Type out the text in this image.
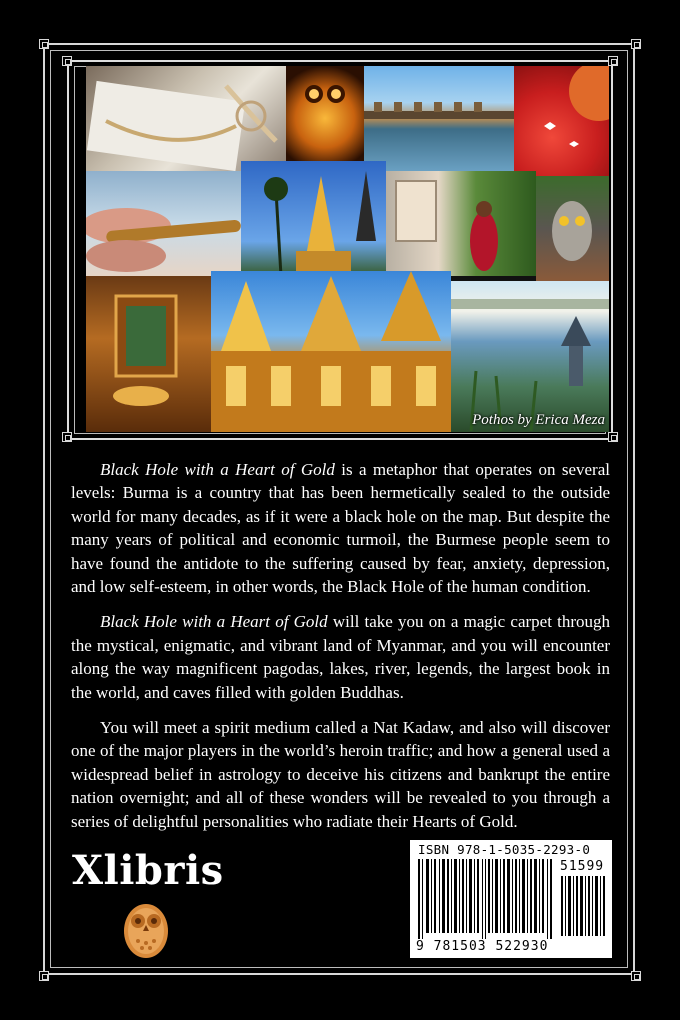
Pothos by Erica Meza

Black Hole with a Heart of Gold is a metaphor that operates on several levels: Burma is a country that has been hermetically sealed to the outside world for many decades, as if it were a black hole on the map. But despite the many years of political and economic turmoil, the Burmese people seem to have found the antidote to the suffering caused by fear, anxiety, depression, and low self-esteem, in other words, the Black Hole of the human condition.

Black Hole with a Heart of Gold will take you on a magic carpet through the mystical, enigmatic, and vibrant land of Myanmar, and you will encounter along the way magnificent pagodas, lakes, river, legends, the largest book in the world, and caves filled with golden Buddhas.

You will meet a spirit medium called a Nat Kadaw, and also will discover one of the major players in the world’s heroin traffic; and how a general used a widespread belief in astrology to deceive his citizens and bankrupt the entire nation overnight; and all of these wonders will be revealed to you through a series of delightful personalities who radiate their Hearts of Gold.

Xlibris	ISBN 978-1-5035-2293-0
51599
9 781503 522930
